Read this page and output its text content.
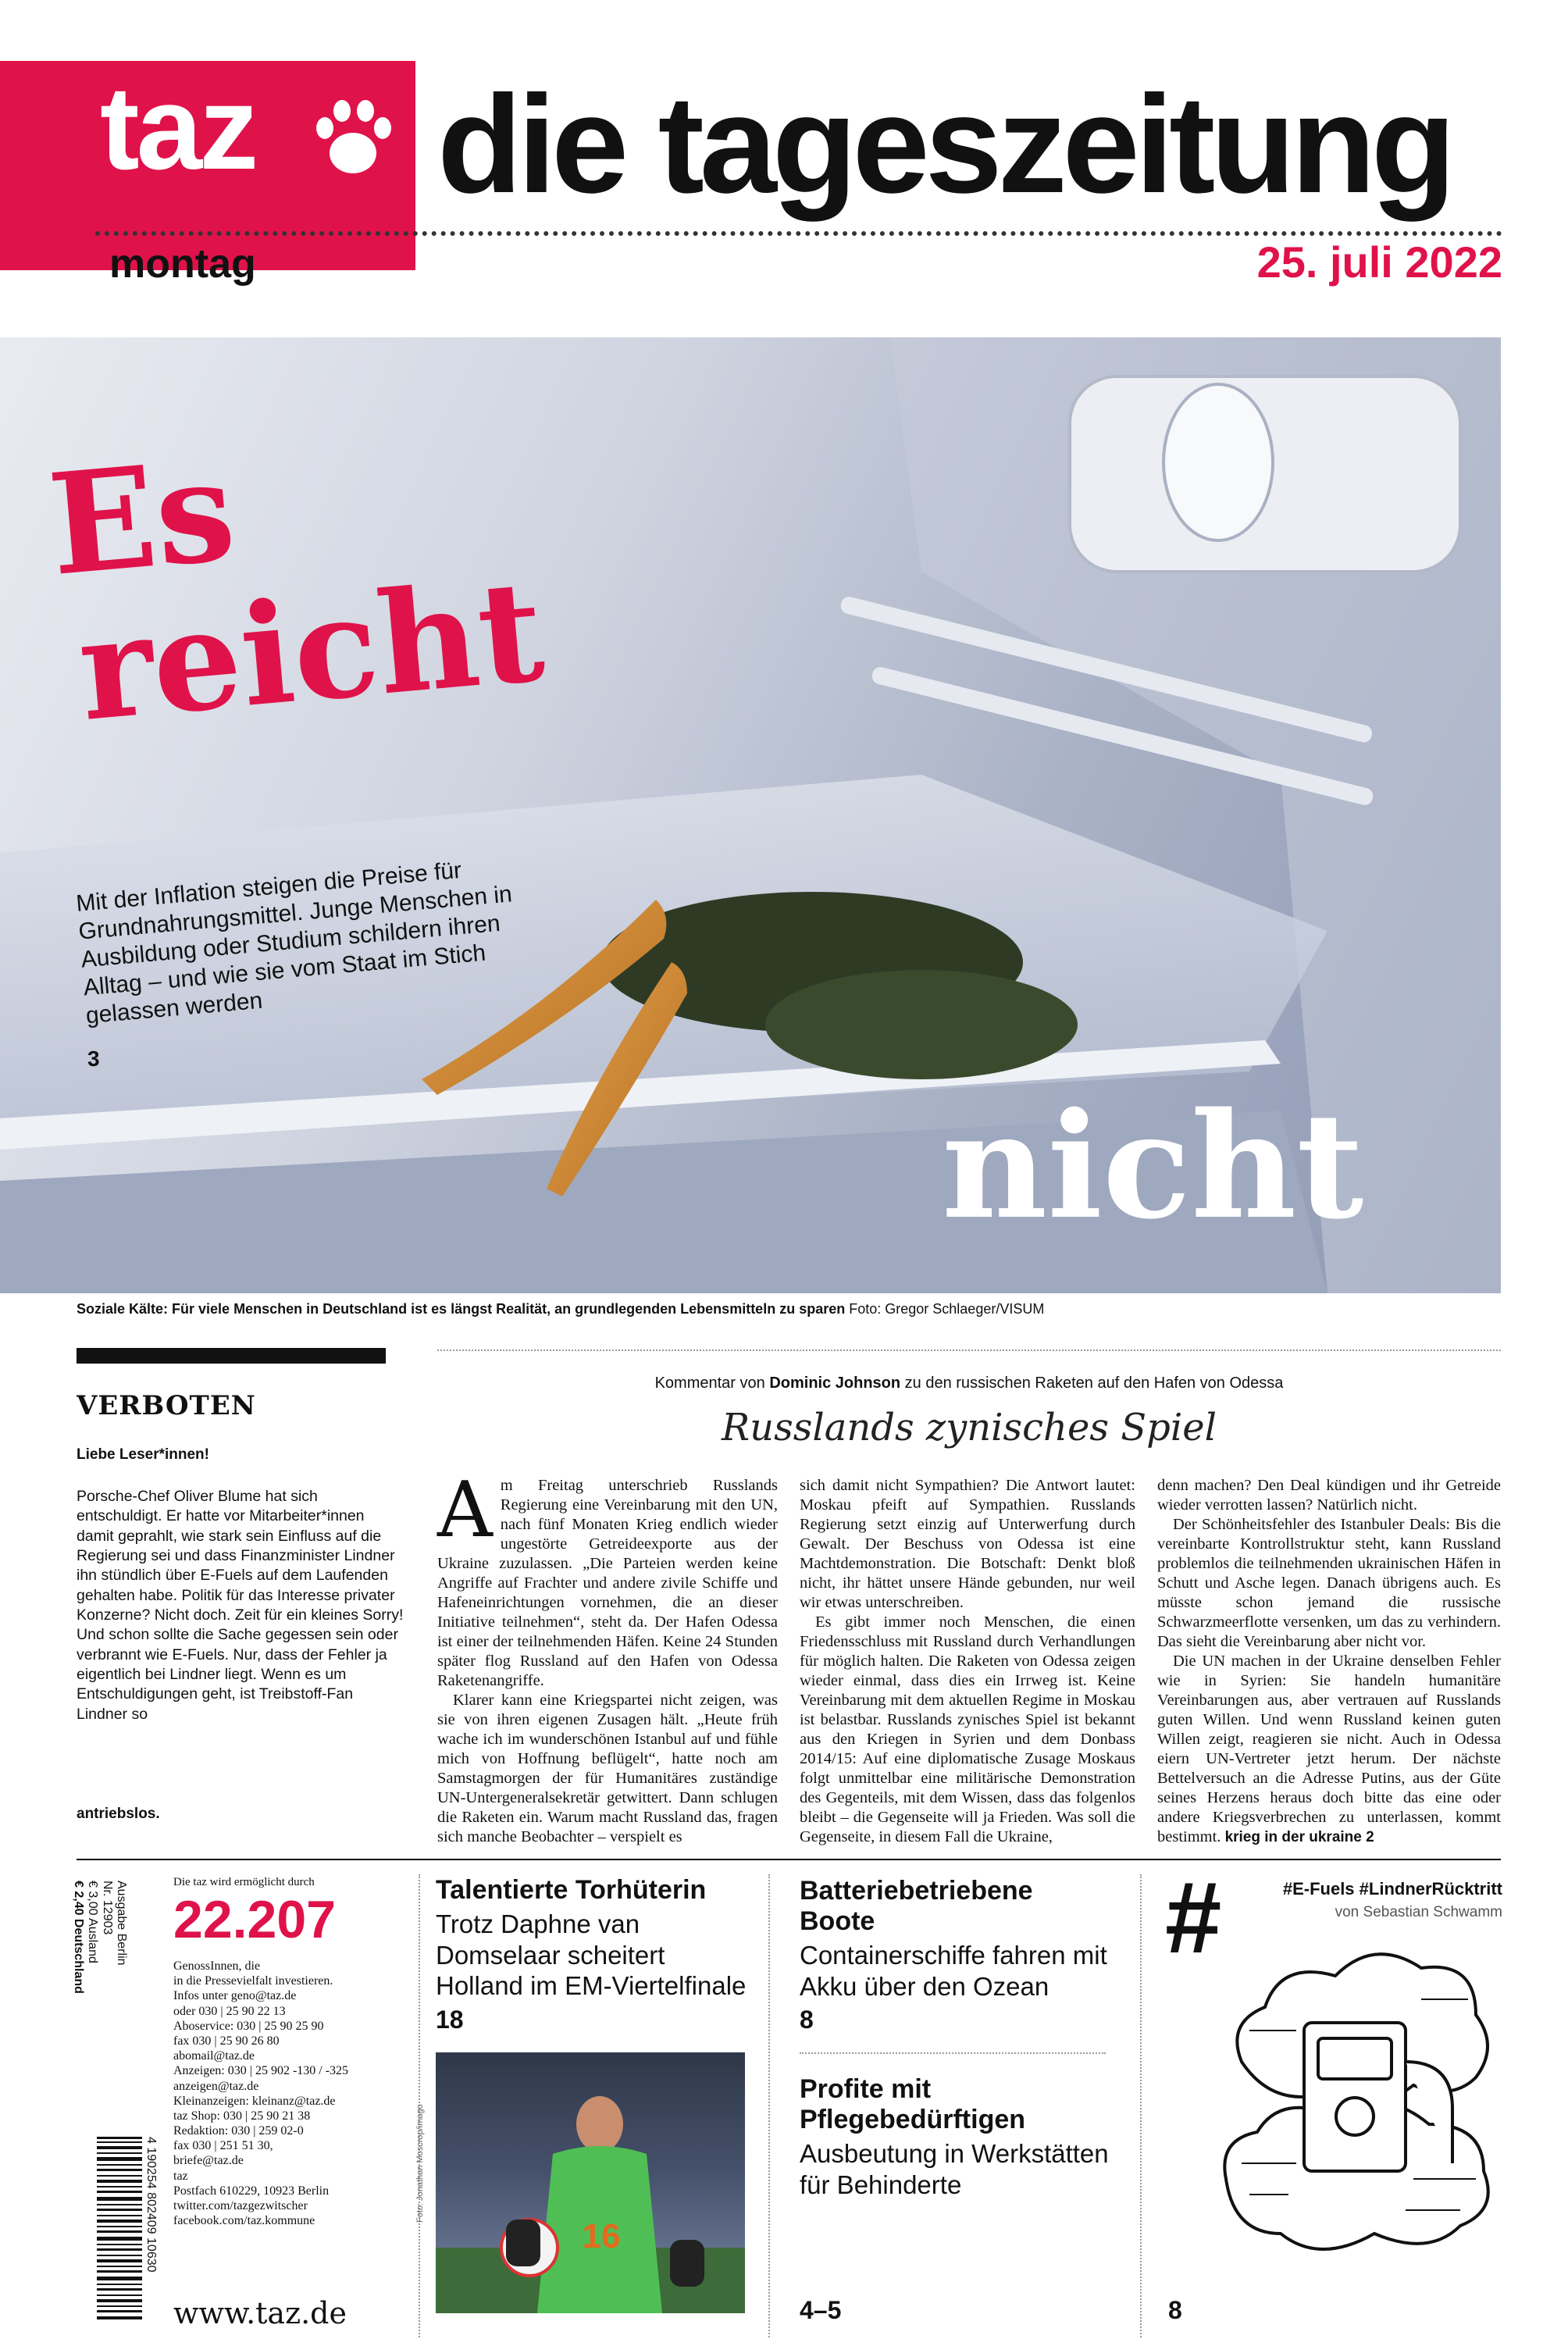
taz die tageszeitung
montag	25. juli 2022
Es
reicht
Mit der Inflation steigen die Preise für Grundnahrungsmittel. Junge Menschen in Ausbildung oder Studium schildern ihren Alltag – und wie sie vom Staat im Stich gelassen werden
3
nicht
Soziale Kälte: Für viele Menschen in Deutschland ist es längst Realität, an grundlegenden Lebensmitteln zu sparen Foto: Gregor Schlaeger/VISUM
VERBOTEN
Liebe Leser*innen!
Porsche-Chef Oliver Blume hat sich entschuldigt. Er hatte vor Mitarbeiter*innen damit geprahlt, wie stark sein Einfluss auf die Regierung sei und dass Finanzminister Lindner ihn stündlich über E-Fuels auf dem Laufenden gehalten habe. Politik für das Interesse privater Konzerne? Nicht doch. Zeit für ein kleines Sorry! Und schon sollte die Sache gegessen sein oder verbrannt wie E-Fuels. Nur, dass der Fehler ja eigentlich bei Lindner liegt. Wenn es um Entschuldigungen geht, ist Treibstoff-Fan Lindner so
antriebslos.
Kommentar von Dominic Johnson zu den russischen Raketen auf den Hafen von Odessa
Russlands zynisches Spiel
A m Freitag unterschrieb Russlands Regierung eine Vereinbarung mit den UN, nach fünf Monaten Krieg endlich wieder ungestörte Getreideexporte aus der Ukraine zuzulassen. „Die Parteien werden keine Angriffe auf Frachter und andere zivile Schiffe und Hafeneinrichtungen vornehmen, die an dieser Initiative teilnehmen“, steht da. Der Hafen Odessa ist einer der teilnehmenden Häfen. Keine 24 Stunden später flog Russland auf den Hafen von Odessa Raketenangriffe.

Klarer kann eine Kriegspartei nicht zeigen, was sie von ihren eigenen Zusagen hält. „Heute früh wache ich im wunderschönen Istanbul auf und fühle mich von Hoffnung beflügelt“, hatte noch am Samstagmorgen der für Humanitäres zuständige UN-Untergeneralsekretär getwittert. Dann schlugen die Raketen ein. Warum macht Russland das, fragen sich manche Beobachter – verspielt es

sich damit nicht Sympathien? Die Antwort lautet: Moskau pfeift auf Sympathien. Russlands Regierung setzt einzig auf Unterwerfung durch Gewalt. Der Beschuss von Odessa ist eine Machtdemonstration. Die Botschaft: Denkt bloß nicht, ihr hättet unsere Hände gebunden, nur weil wir etwas unterschreiben.

Es gibt immer noch Menschen, die einen Friedensschluss mit Russland durch Verhandlungen für möglich halten. Die Raketen von Odessa zeigen wieder einmal, dass dies ein Irrweg ist. Keine Vereinbarung mit dem aktuellen Regime in Moskau ist belastbar. Russlands zynisches Spiel ist bekannt aus den Kriegen in Syrien und dem Donbass 2014/15: Auf eine diplomatische Zusage Moskaus folgt unmittelbar eine militärische Demonstration des Gegenteils, mit dem Wissen, dass das folgenlos bleibt – die Gegenseite will ja Frieden. Was soll die Gegenseite, in diesem Fall die Ukraine,

denn machen? Den Deal kündigen und ihr Getreide wieder verrotten lassen? Natürlich nicht.

Der Schönheitsfehler des Istanbuler Deals: Bis die vereinbarte Kontrollstruktur steht, kann Russland problemlos die teilnehmenden ukrainischen Häfen in Schutt und Asche legen. Danach übrigens auch. Es müsste schon jemand die russische Schwarzmeerflotte versenken, um das zu verhindern. Das sieht die Vereinbarung aber nicht vor.

Die UN machen in der Ukraine denselben Fehler wie in Syrien: Sie handeln humanitäre Vereinbarungen aus, aber vertrauen auf Russlands guten Willen. Und wenn Russland keinen guten Willen zeigt, reagieren sie nicht. Auch in Odessa eiern UN-Vertreter jetzt herum. Der nächste Bettelversuch an die Adresse Putins, aus der Güte seines Herzens heraus doch bitte das eine oder andere Kriegsverbrechen zu unterlassen, kommt bestimmt. krieg in der ukraine 2

Ausgabe Berlin
Nr. 12903
€ 3,00 Ausland
€ 2,40 Deutschland
4 190254 802409 10630
Die taz wird ermöglicht durch
22.207
GenossInnen, die
in die Pressevielfalt investieren.
Infos unter geno@taz.de
oder 030 | 25 90 22 13
Aboservice: 030 | 25 90 25 90
fax 030 | 25 90 26 80
abomail@taz.de
Anzeigen: 030 | 25 902 -130 / -325
anzeigen@taz.de
Kleinanzeigen: kleinanz@taz.de
taz Shop: 030 | 25 90 21 38
Redaktion: 030 | 259 02-0
fax 030 | 251 51 30,
briefe@taz.de
taz
Postfach 610229, 10923 Berlin
twitter.com/tazgezwitscher
facebook.com/taz.kommune
www.taz.de
Talentierte Torhüterin
Trotz Daphne van Domselaar scheitert Holland im EM-Viertelfinale
18
16
Foto: Jonathan Moscrop/imago
Batteriebetriebene Boote
Containerschiffe fahren mit Akku über den Ozean
8
Profite mit Pflegebedürftigen
Ausbeutung in Werkstätten für Behinderte
4–5
#	#E-Fuels #LindnerRücktritt
von Sebastian Schwamm
8
